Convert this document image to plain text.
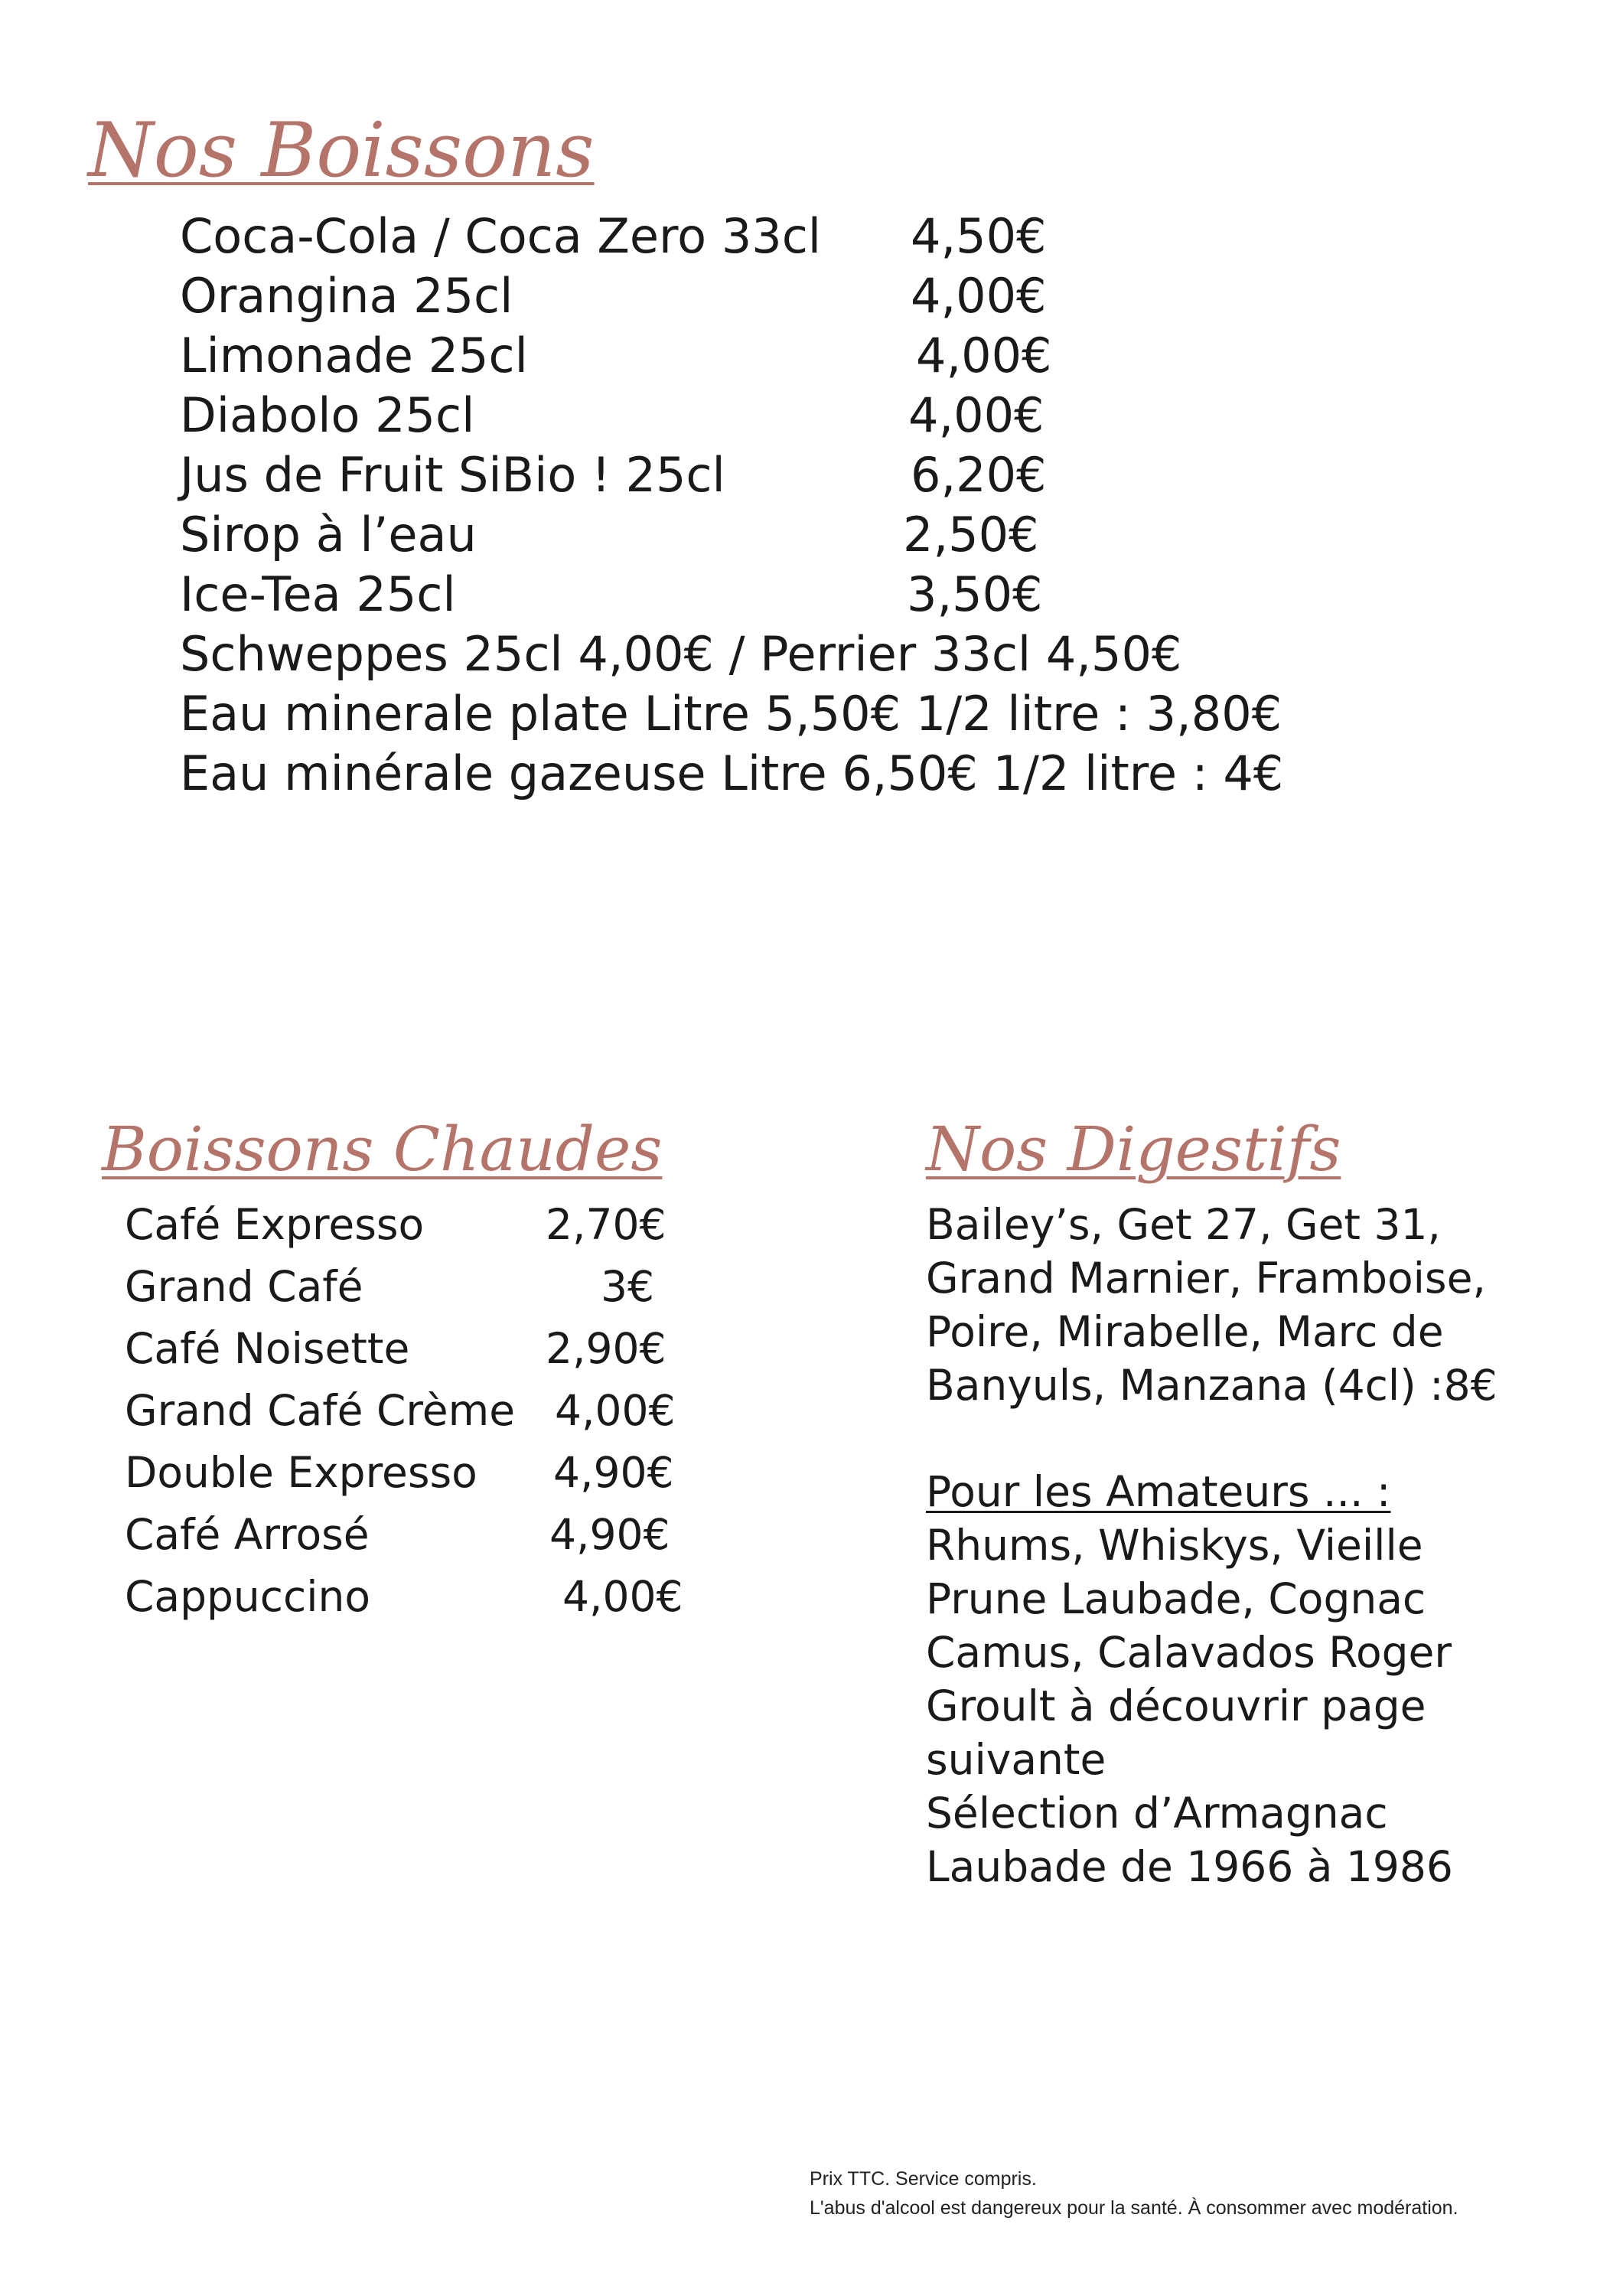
Nos Boissons
Coca-Cola / Coca Zero 33cl 4,50€
Orangina 25cl	4,00€
Limonade 25cl	4,00€
Diabolo 25cl	4,00€
Jus de Fruit SiBio ! 25cl	6,20€
Sirop à l’eau	2,50€
Ice-Tea 25cl	3,50€
Schweppes 25cl 4,00€ / Perrier 33cl 4,50€
Eau minerale plate Litre 5,50€ 1/2 litre : 3,80€
Eau minérale gazeuse Litre 6,50€ 1/2 litre : 4€
Boissons Chaudes
Café Expresso	2,70€
Grand Café	3€
Café Noisette	2,90€
Grand Café Crème 4,00€
Double Expresso 4,90€
Café Arrosé	4,90€
Cappuccino	4,00€
Nos Digestifs
Bailey’s, Get 27, Get 31,
Grand Marnier, Framboise,
Poire, Mirabelle, Marc de
Banyuls, Manzana (4cl) :8€
Pour les Amateurs ... :
Rhums, Whiskys, Vieille
Prune Laubade, Cognac
Camus, Calavados Roger
Groult à découvrir page
suivante
Sélection d’Armagnac
Laubade de 1966 à 1986
Prix TTC. Service compris.
L'abus d'alcool est dangereux pour la santé. À consommer avec modération.
